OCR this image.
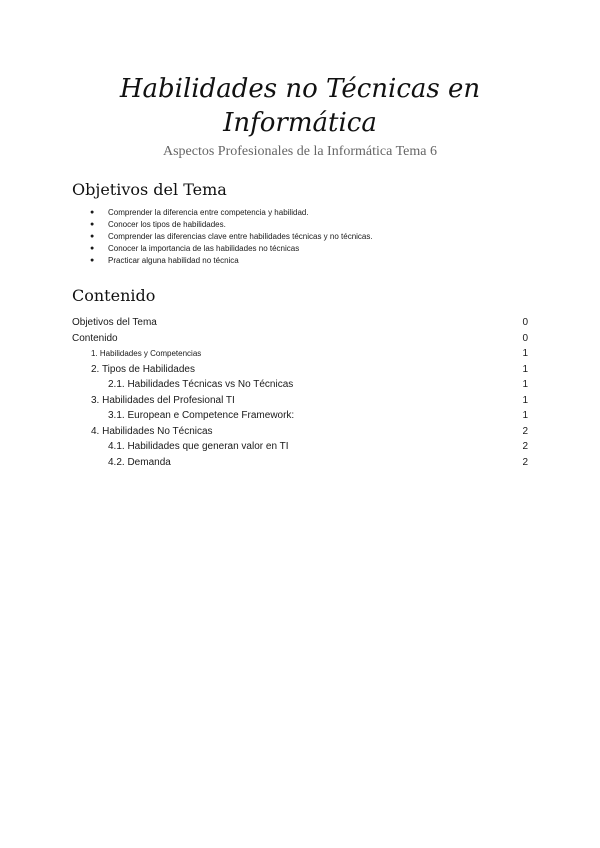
Habilidades no Técnicas en
Informática
Aspectos Profesionales de la Informática Tema 6
Objetivos del Tema
● Comprender la diferencia entre competencia y habilidad.
● Conocer los tipos de habilidades.
● Comprender las diferencias clave entre habilidades técnicas y no técnicas.
● Conocer la importancia de las habilidades no técnicas
● Practicar alguna habilidad no técnica
Contenido
Objetivos del Tema	0
Contenido	0
1. Habilidades y Competencias	1
2. Tipos de Habilidades	1
2.1. Habilidades Técnicas vs No Técnicas	1
3. Habilidades del Profesional TI	1
3.1. European e Competence Framework:	1
4. Habilidades No Técnicas	2
4.1. Habilidades que generan valor en TI	2
4.2. Demanda	2
